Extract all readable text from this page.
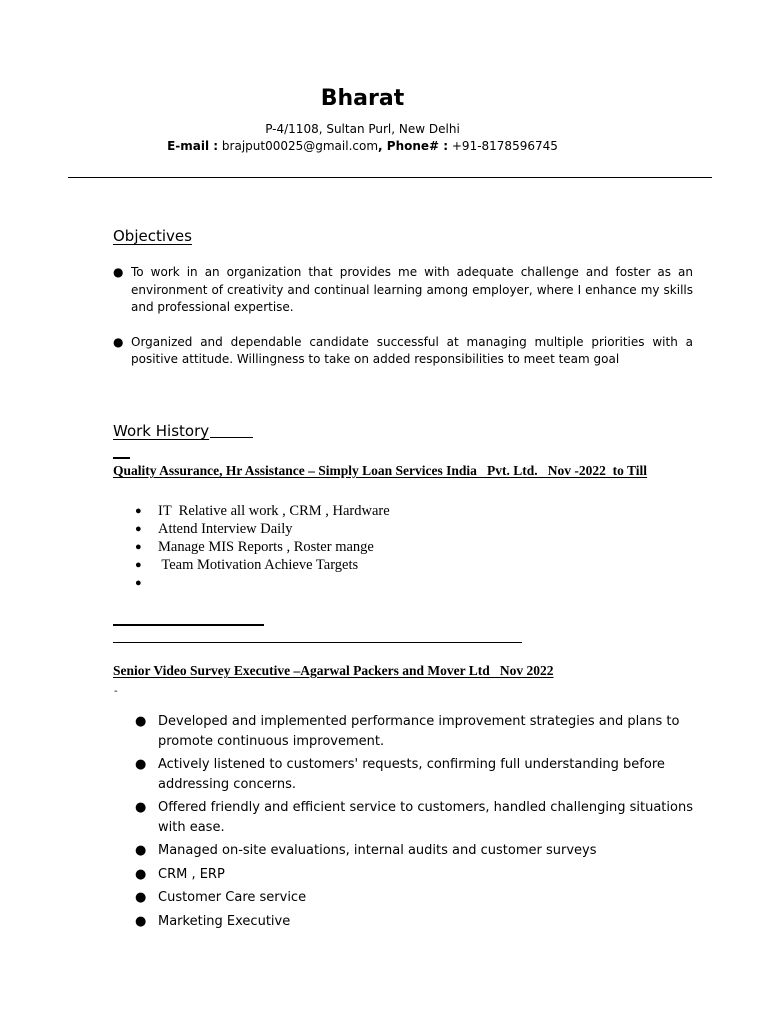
Bharat
P-4/1108, Sultan Purl, New Delhi
E-mail : brajput00025@gmail.com, Phone# : +91-8178596745
Objectives
● To work in an organization that provides me with adequate challenge and foster as an environment of creativity and continual learning among employer, where I enhance my skills and professional expertise.
● Organized and dependable candidate successful at managing multiple priorities with a positive attitude. Willingness to take on added responsibilities to meet team goal
Work History
Quality Assurance, Hr Assistance – Simply Loan Services India   Pvt. Ltd.   Nov -2022  to Till
● IT  Relative all work , CRM , Hardware
● Attend Interview Daily
● Manage MIS Reports , Roster mange
● Team Motivation Achieve Targets
●
Senior Video Survey Executive –Agarwal Packers and Mover Ltd   Nov 2022
-
● Developed and implemented performance improvement strategies and plans to promote continuous improvement.
● Actively listened to customers' requests, confirming full understanding before addressing concerns.
● Offered friendly and efficient service to customers, handled challenging situations with ease.
● Managed on-site evaluations, internal audits and customer surveys
● CRM , ERP
● Customer Care service
● Marketing Executive
